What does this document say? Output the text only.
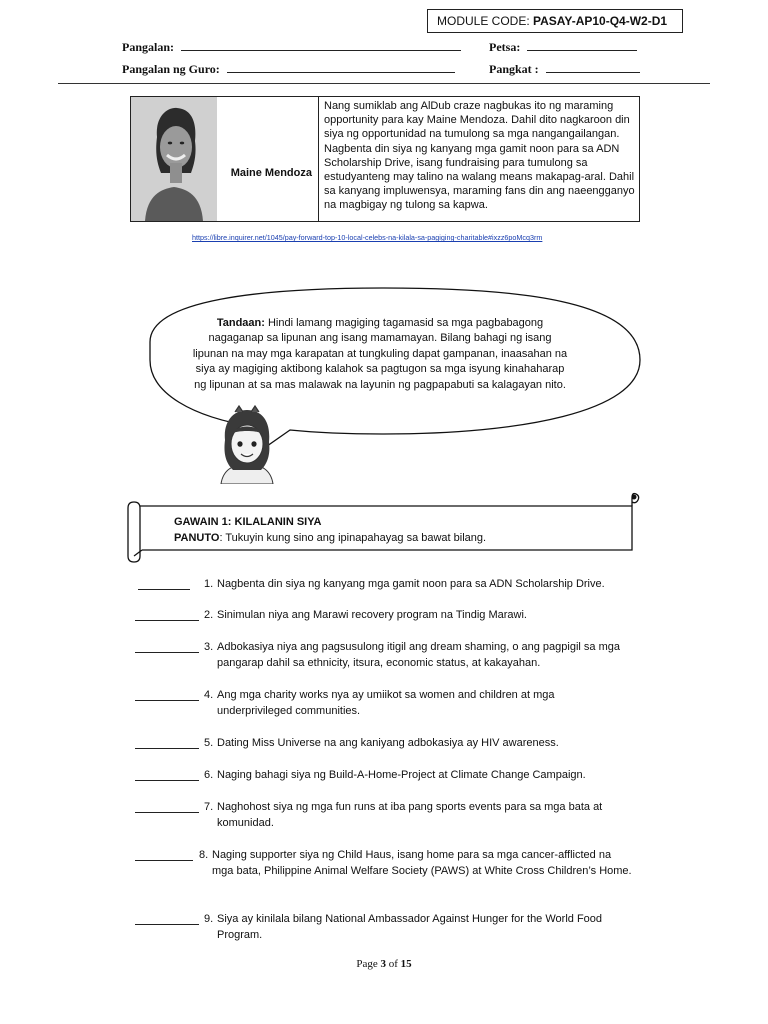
MODULE CODE: PASAY-AP10-Q4-W2-D1
Pangalan:	Petsa:
Pangalan ng Guro:	Pangkat :
Maine Mendoza
Nang sumiklab ang AlDub craze nagbukas ito ng maraming opportunity para kay Maine Mendoza. Dahil dito nagkaroon din siya ng opportunidad na tumulong sa mga nangangailangan. Nagbenta din siya ng kanyang mga gamit noon para sa ADN Scholarship Drive, isang fundraising para tumulong sa estudyanteng may talino na walang means makapag-aral. Dahil sa kanyang impluwensya, maraming fans din ang naeengganyo na magbigay ng tulong sa kapwa.
https://libre.inquirer.net/1045/pay-forward-top-10-local-celebs-na-kilala-sa-pagiging-charitable#ixzz6poMcq3rm
Tandaan: Hindi lamang magiging tagamasid sa mga pagbabagong nagaganap sa lipunan ang isang mamamayan. Bilang bahagi ng isang lipunan na may mga karapatan at tungkuling dapat gampanan, inaasahan na siya ay magiging aktibong kalahok sa pagtugon sa mga isyung kinahaharap ng lipunan at sa mas malawak na layunin ng pagpapabuti sa kalagayan nito.
GAWAIN 1: KILALANIN SIYA
PANUTO: Tukuyin kung sino ang ipinapahayag sa bawat bilang.
1. Nagbenta din siya ng kanyang mga gamit noon para sa ADN Scholarship Drive.
2. Sinimulan niya ang Marawi recovery program na Tindig Marawi.
3. Adbokasiya niya ang pagsusulong itigil ang dream shaming, o ang pagpigil sa mga pangarap dahil sa ethnicity, itsura, economic status, at kakayahan.
4. Ang mga charity works nya ay umiikot sa women and children at mga underprivileged communities.
5. Dating Miss Universe na ang kaniyang adbokasiya ay HIV awareness.
6. Naging bahagi siya ng Build-A-Home-Project at Climate Change Campaign.
7. Naghohost siya ng mga fun runs at iba pang sports events para sa mga bata at komunidad.
8. Naging supporter siya ng Child Haus, isang home para sa mga cancer-afflicted na mga bata, Philippine Animal Welfare Society (PAWS) at White Cross Children’s Home.
9. Siya ay kinilala bilang National Ambassador Against Hunger for the World Food Program.
Page 3 of 15
